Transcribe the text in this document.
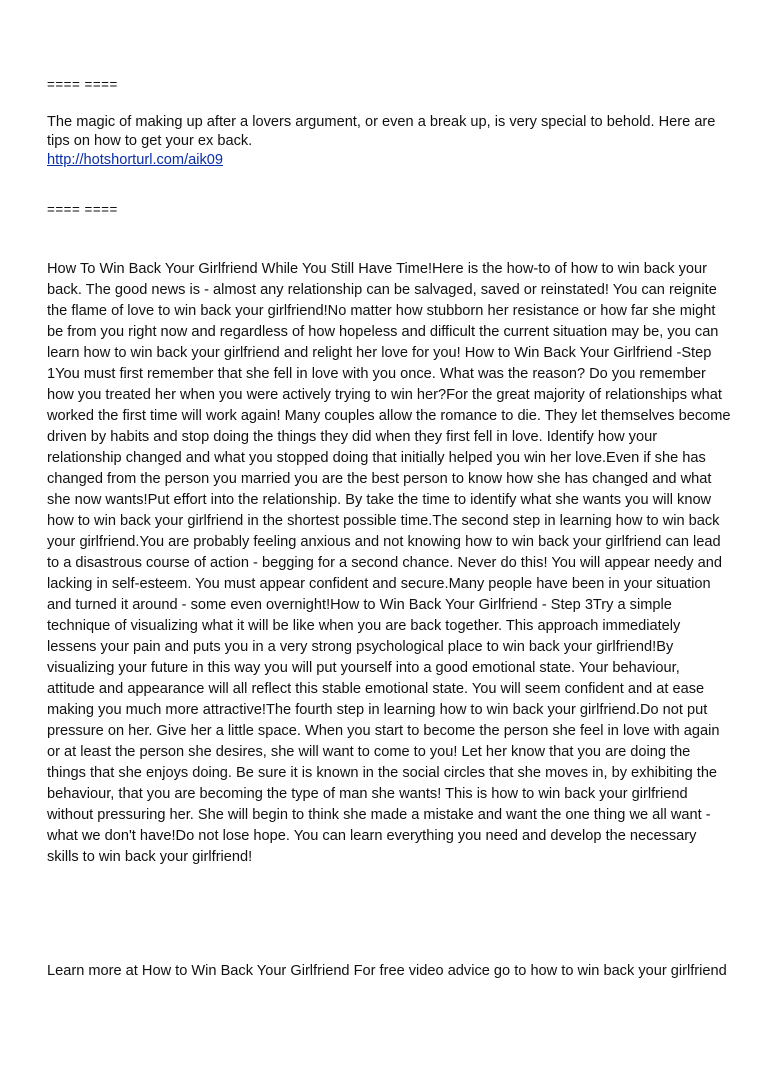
==== ====

The magic of making up after a lovers argument, or even a break up, is very special to behold. Here are tips on how to get your ex back.

http://hotshorturl.com/aik09
==== ====

How To Win Back Your Girlfriend While You Still Have Time!Here is the how-to of how to win back your back. The good news is - almost any relationship can be salvaged, saved or reinstated! You can reignite the flame of love to win back your girlfriend!No matter how stubborn her resistance or how far she might be from you right now and regardless of how hopeless and difficult the current situation may be, you can learn how to win back your girlfriend and relight her love for you! How to Win Back Your Girlfriend -Step 1You must first remember that she fell in love with you once. What was the reason? Do you remember how you treated her when you were actively trying to win her?For the great majority of relationships what worked the first time will work again! Many couples allow the romance to die. They let themselves become driven by habits and stop doing the things they did when they first fell in love. Identify how your relationship changed and what you stopped doing that initially helped you win her love.Even if she has changed from the person you married you are the best person to know how she has changed and what she now wants!Put effort into the relationship. By take the time to identify what she wants you will know how to win back your girlfriend in the shortest possible time.The second step in learning how to win back your girlfriend.You are probably feeling anxious and not knowing how to win back your girlfriend can lead to a disastrous course of action - begging for a second chance. Never do this! You will appear needy and lacking in self-esteem. You must appear confident and secure.Many people have been in your situation and turned it around - some even overnight!How to Win Back Your Girlfriend - Step 3Try a simple technique of visualizing what it will be like when you are back together. This approach immediately lessens your pain and puts you in a very strong psychological place to win back your girlfriend!By visualizing your future in this way you will put yourself into a good emotional state. Your behaviour, attitude and appearance will all reflect this stable emotional state. You will seem confident and at ease making you much more attractive!The fourth step in learning how to win back your girlfriend.Do not put pressure on her. Give her a little space. When you start to become the person she feel in love with again or at least the person she desires, she will want to come to you! Let her know that you are doing the things that she enjoys doing. Be sure it is known in the social circles that she moves in, by exhibiting the behaviour, that you are becoming the type of man she wants! This is how to win back your girlfriend without pressuring her. She will begin to think she made a mistake and want the one thing we all want - what we don't have!Do not lose hope. You can learn everything you need and develop the necessary skills to win back your girlfriend!

Learn more at How to Win Back Your Girlfriend For free video advice go to how to win back your girlfriend
